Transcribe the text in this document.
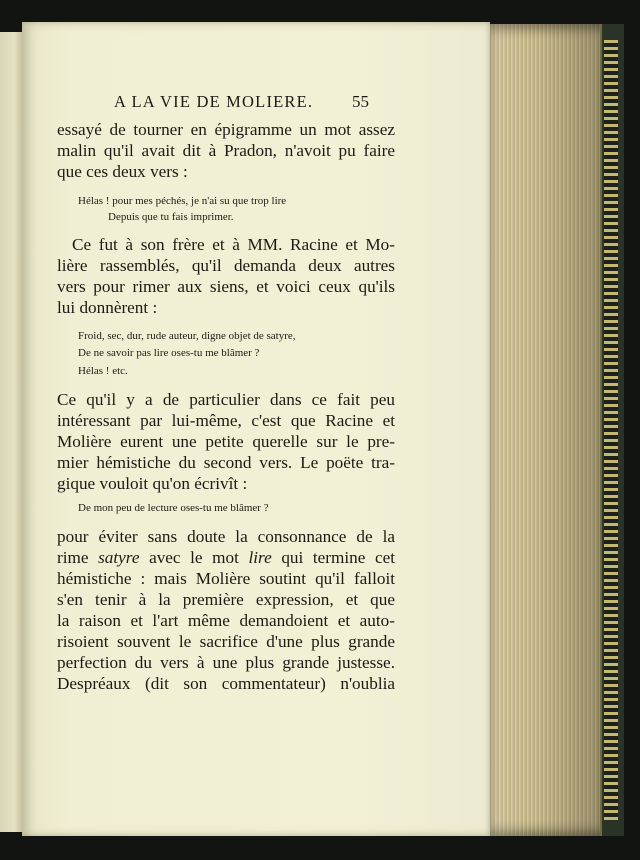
A LA VIE DE MOLIERE.	55
essayé de tourner en épigramme un mot assez
malin qu'il avait dit à Pradon, n'avoit pu faire
que ces deux vers :
Hélas ! pour mes péchés, je n'ai su que trop lire
Depuis que tu fais imprimer.
Ce fut à son frère et à MM. Racine et Mo-
lière rassemblés, qu'il demanda deux autres
vers pour rimer aux siens, et voici ceux qu'ils
lui donnèrent :
Froid, sec, dur, rude auteur, digne objet de satyre,
De ne savoir pas lire oses-tu me blâmer ?
Hélas ! etc.
Ce qu'il y a de particulier dans ce fait peu
intéressant par lui-même, c'est que Racine et
Molière eurent une petite querelle sur le pre-
mier hémistiche du second vers. Le poëte tra-
gique vouloit qu'on écrivît :
De mon peu de lecture oses-tu me blâmer ?
pour éviter sans doute la consonnance de la
rime satyre avec le mot lire qui termine cet
hémistiche : mais Molière soutint qu'il falloit
s'en tenir à la première expression, et que
la raison et l'art même demandoient et auto-
risoient souvent le sacrifice d'une plus grande
perfection du vers à une plus grande justesse.
Despréaux (dit son commentateur) n'oublia
